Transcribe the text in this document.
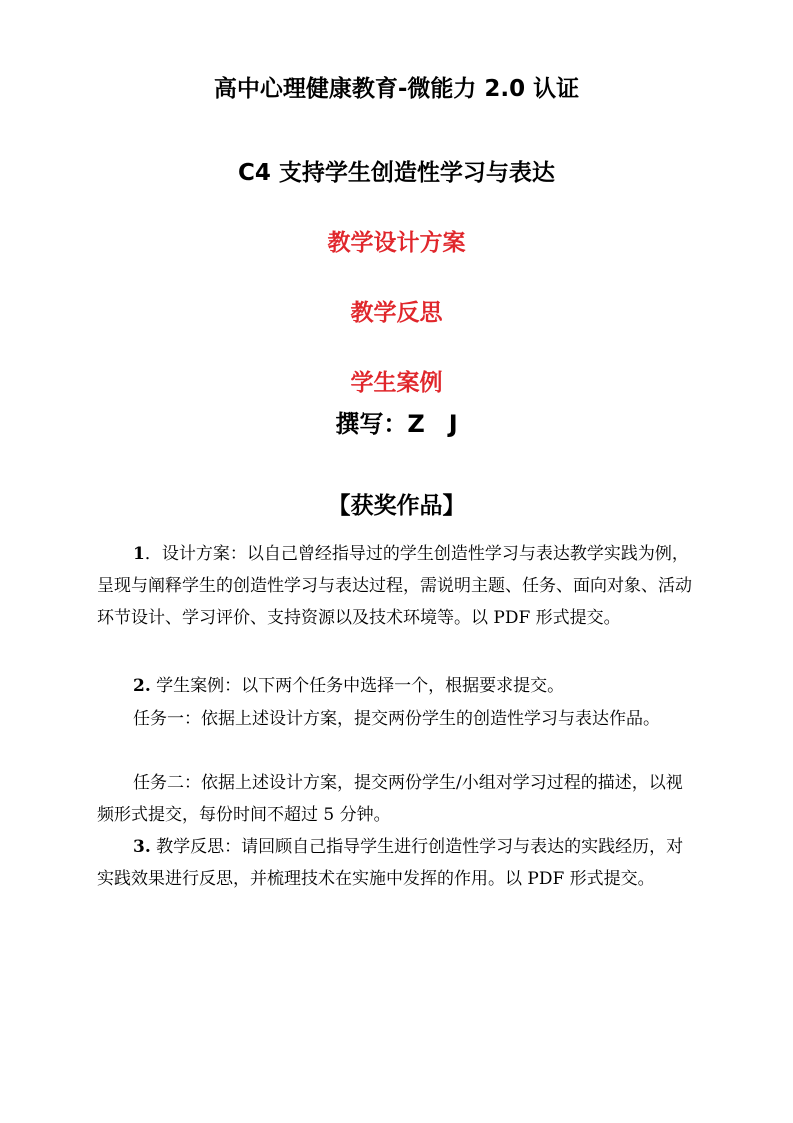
高中心理健康教育-微能力 2.0 认证
C4 支持学生创造性学习与表达
教学设计方案
教学反思
学生案例
撰写：Z　J
【获奖作品】

1．设计方案：以自己曾经指导过的学生创造性学习与表达教学实践为例，呈现与阐释学生的创造性学习与表达过程，需说明主题、任务、面向对象、活动环节设计、学习评价、支持资源以及技术环境等。以 PDF 形式提交。

2. 学生案例：以下两个任务中选择一个，根据要求提交。

任务一：依据上述设计方案，提交两份学生的创造性学习与表达作品。

任务二：依据上述设计方案，提交两份学生/小组对学习过程的描述，以视频形式提交，每份时间不超过 5 分钟。

3. 教学反思：请回顾自己指导学生进行创造性学习与表达的实践经历，对实践效果进行反思，并梳理技术在实施中发挥的作用。以 PDF 形式提交。
